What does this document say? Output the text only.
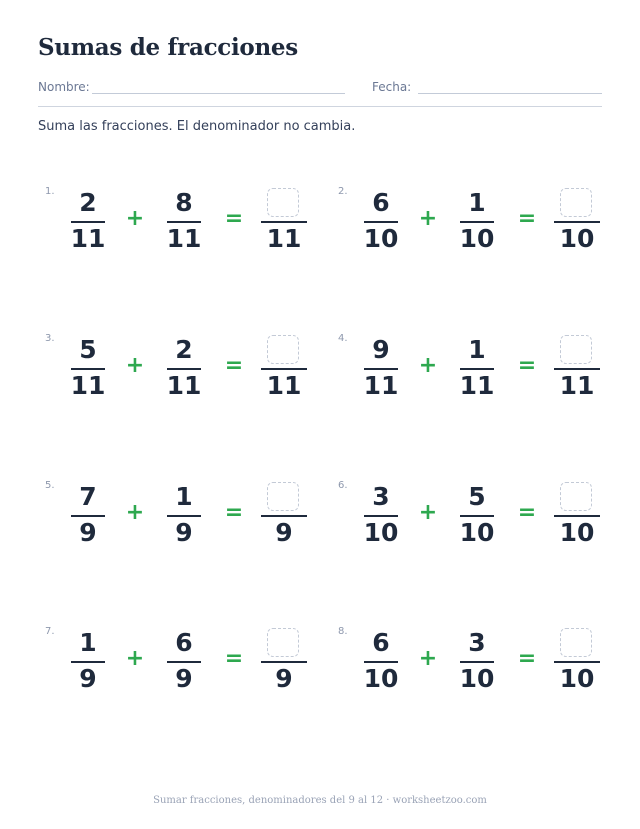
Sumas de fracciones
Nombre:	Fecha:
Suma las fracciones. El denominador no cambia.
1. 2
11
+
8
11
=
11
2. 6
10
+
1
10
=
10
3. 5
11
+
2
11
=
11
4. 9
11
+
1
11
=
11
5. 7
9
+
1
9
=
9
6. 3
10
+
5
10
=
10
7. 1
9
+
6
9
=
9
8. 6
10
+
3
10
=
10
Sumar fracciones, denominadores del 9 al 12 · worksheetzoo.com
